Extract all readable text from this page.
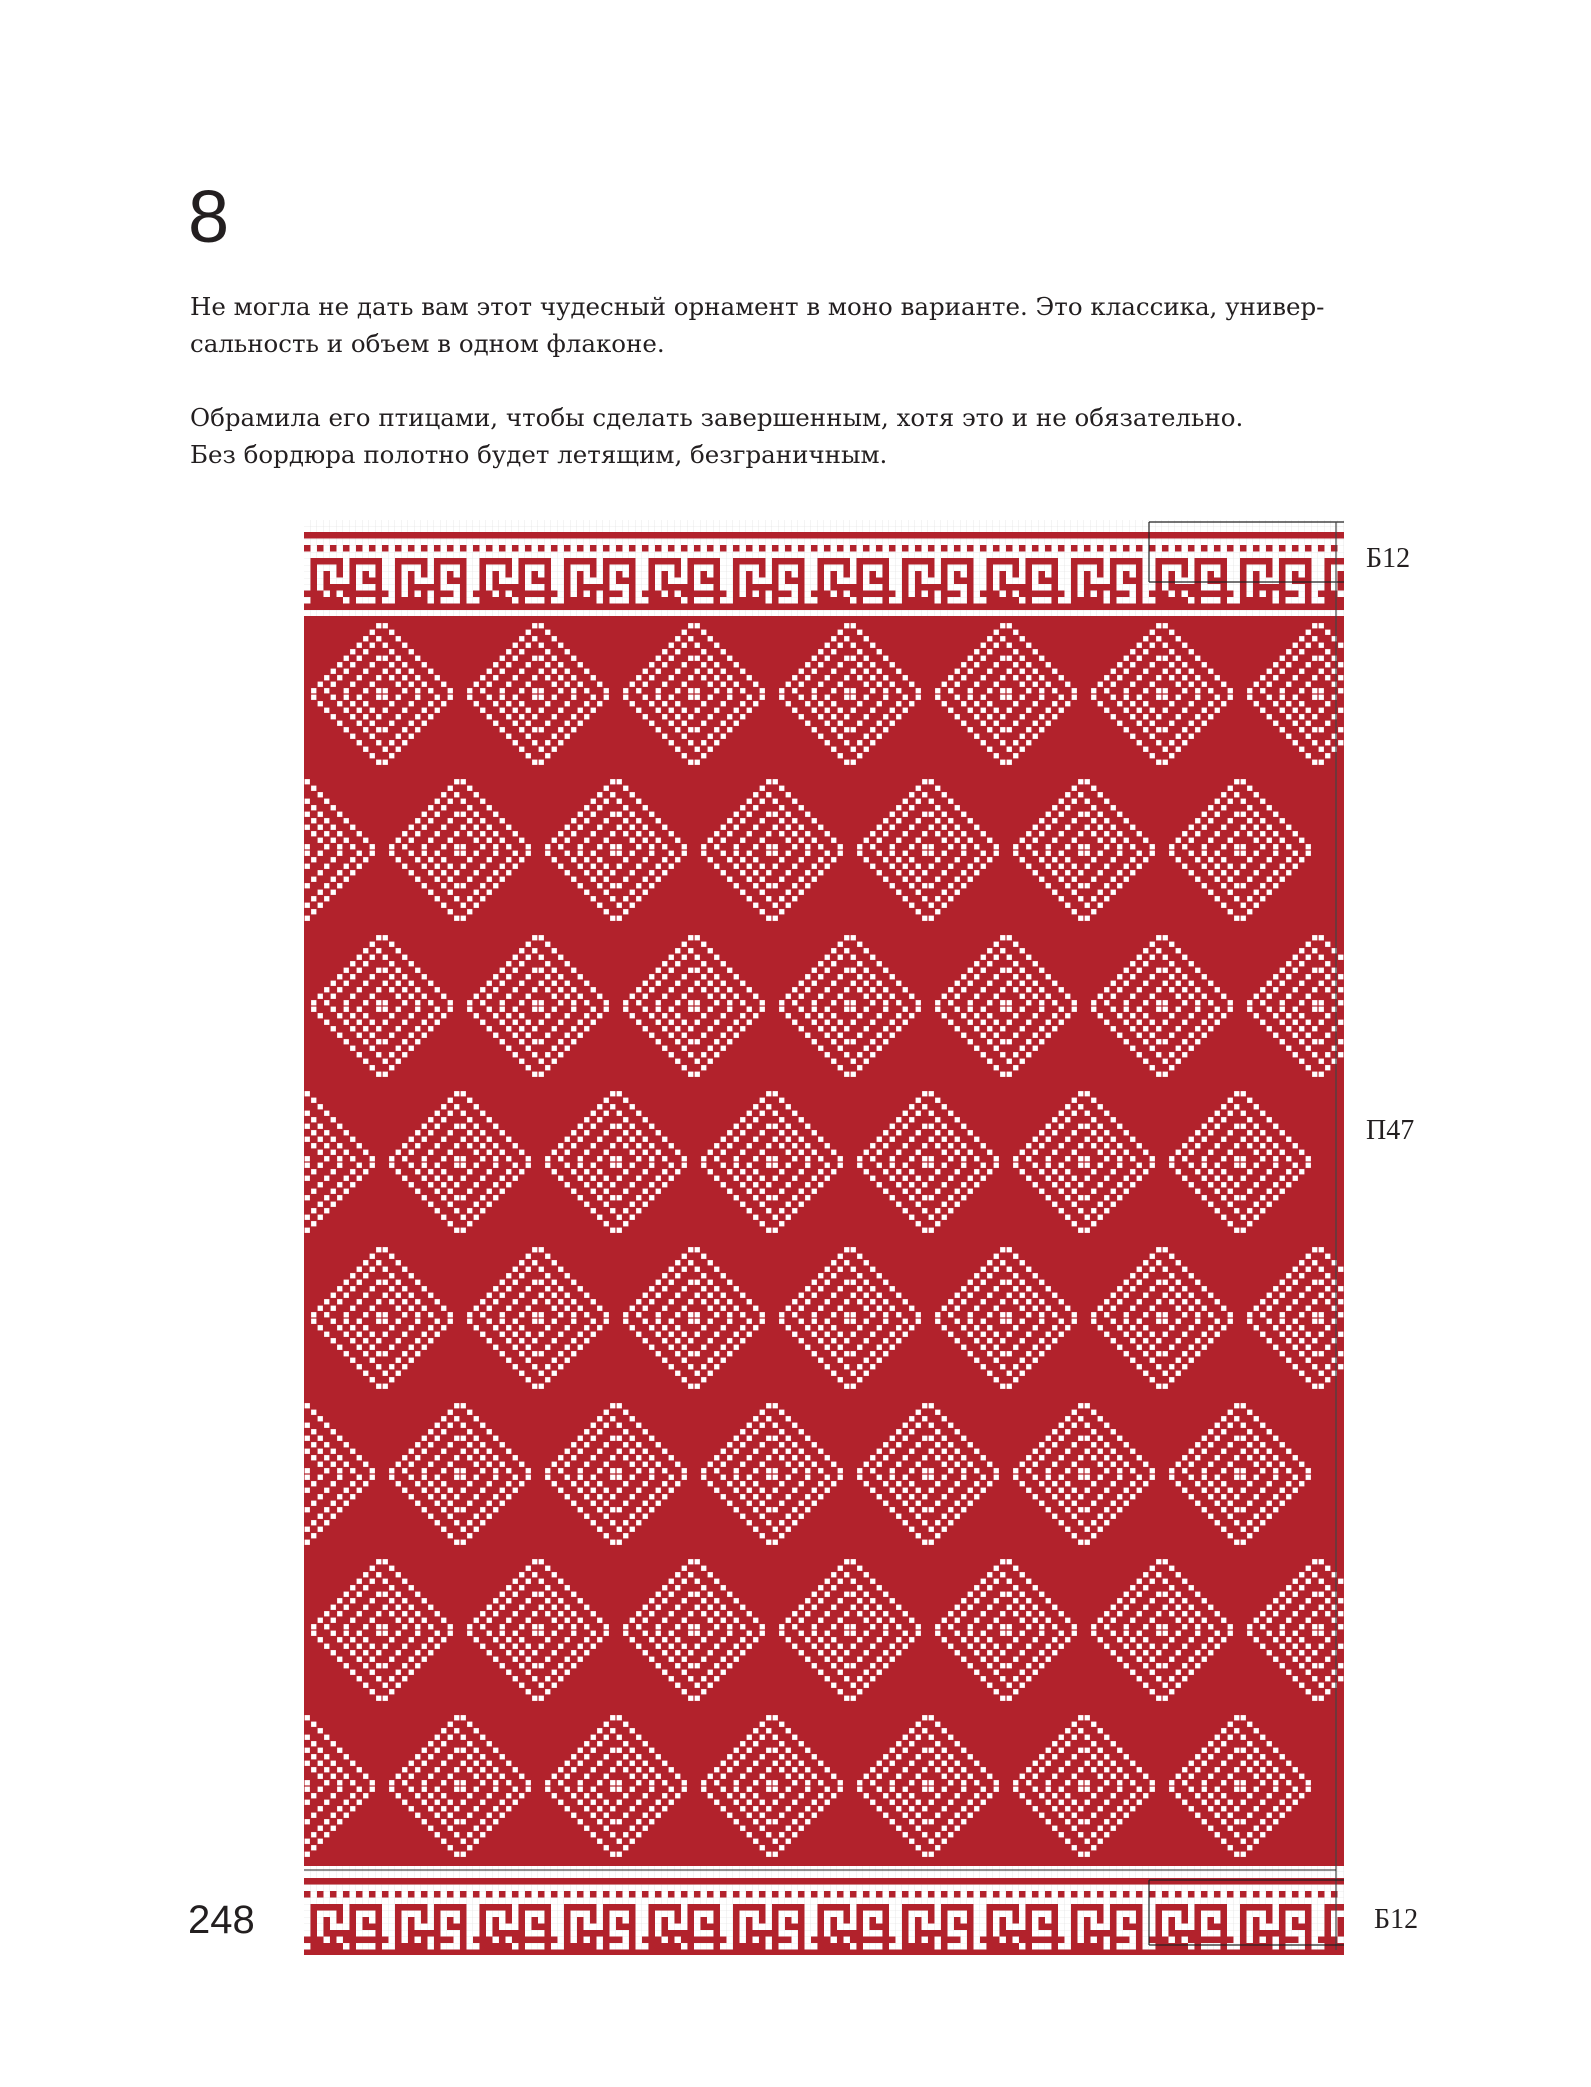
8

Не могла не дать вам этот чудесный орнамент в моно варианте. Это классика, универ-
сальность и объем в одном флаконе.

Обрамила его птицами, чтобы сделать завершенным, хотя это и не обязательно.
Без бордюра полотно будет летящим, безграничным.

Б12
П47
Б12
248
